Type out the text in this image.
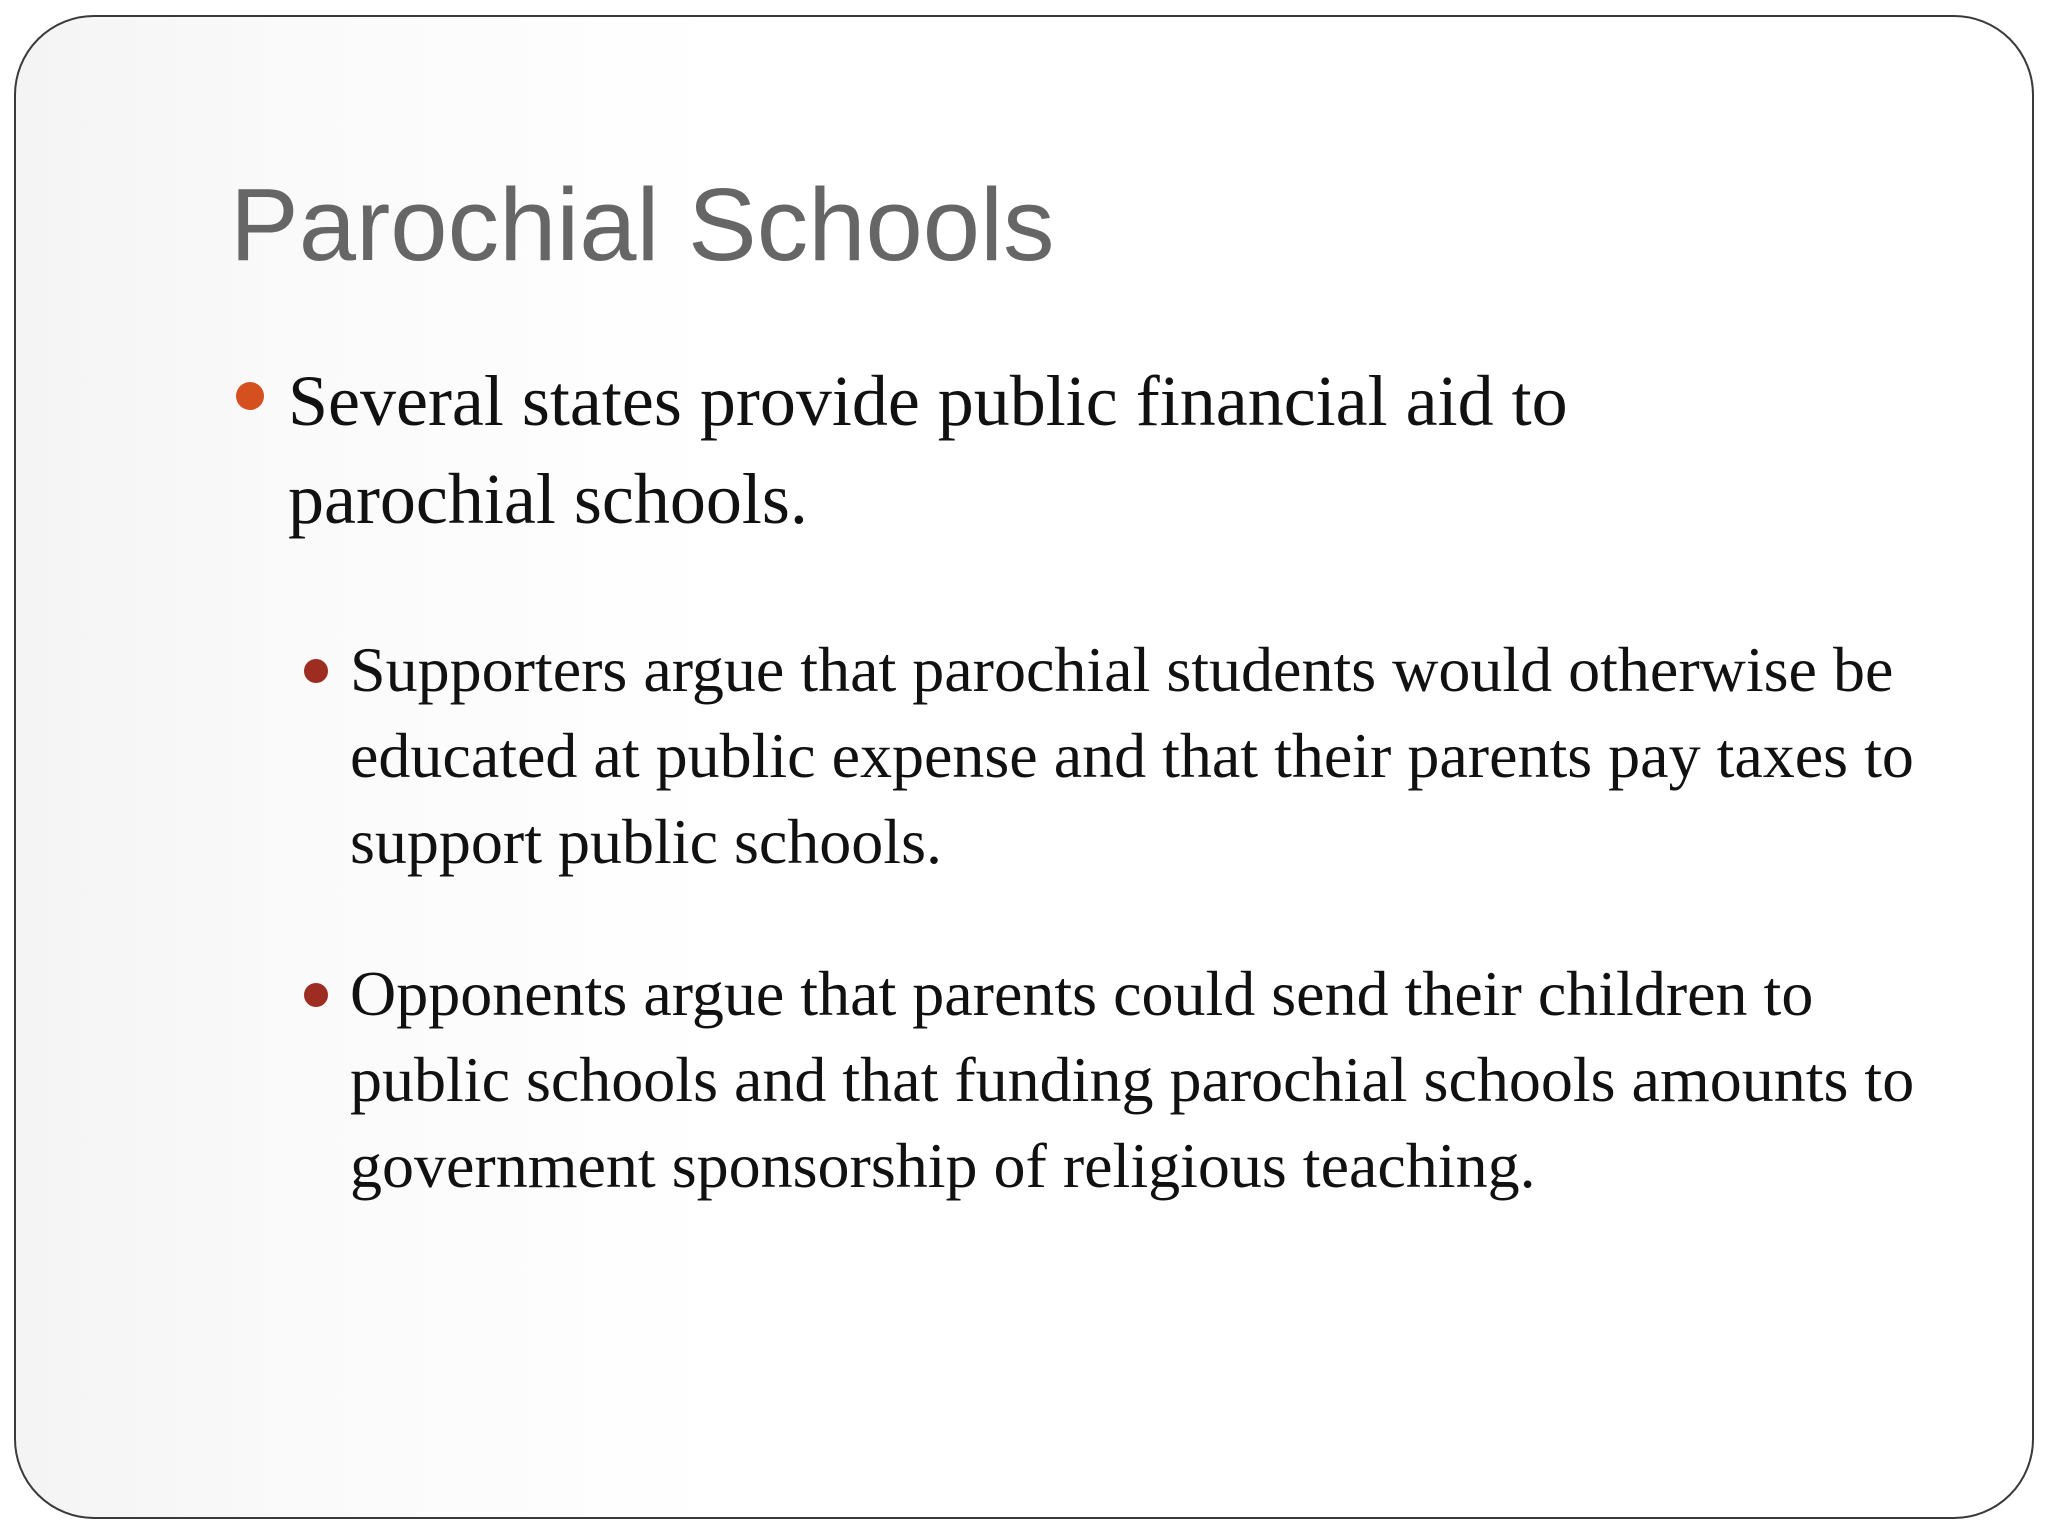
Parochial Schools
Several states provide public financial aid to parochial schools.
Supporters argue that parochial students would otherwise be educated at public expense and that their parents pay taxes to support public schools.
Opponents argue that parents could send their children to public schools and that funding parochial schools amounts to government sponsorship of religious teaching.
